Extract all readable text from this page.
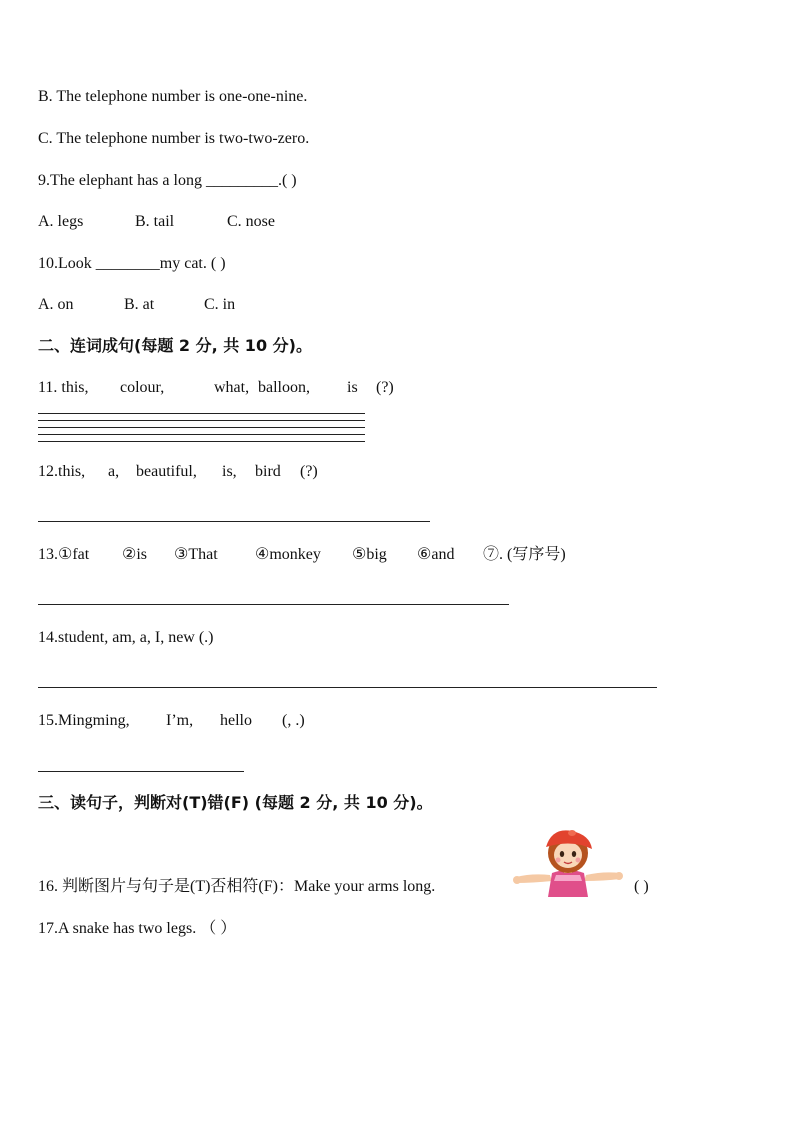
B. The telephone number is one-one-nine.
C. The telephone number is two-two-zero.
9.The elephant has a long _________.( )
A. legs	B. tail	C. nose
10.Look ________my cat. ( )
A. on	B. at	C. in
二、连词成句(每题 2 分, 共 10 分)。
11. this, colour,	what, balloon, is (?)
12.this, a, beautiful, is, bird (?)
13.①fat ②is ③That ④monkey ⑤big ⑥and ⑦. (写序号)
14.student, am, a, I, new (.)
15.Mingming, I’m, hello (, .)
三、读句子，判断对(T)错(F) (每题 2 分, 共 10 分)。
16. 判断图片与句子是(T)否相符(F)：Make your arms long.	( )
17.A snake has two legs. （ ）
